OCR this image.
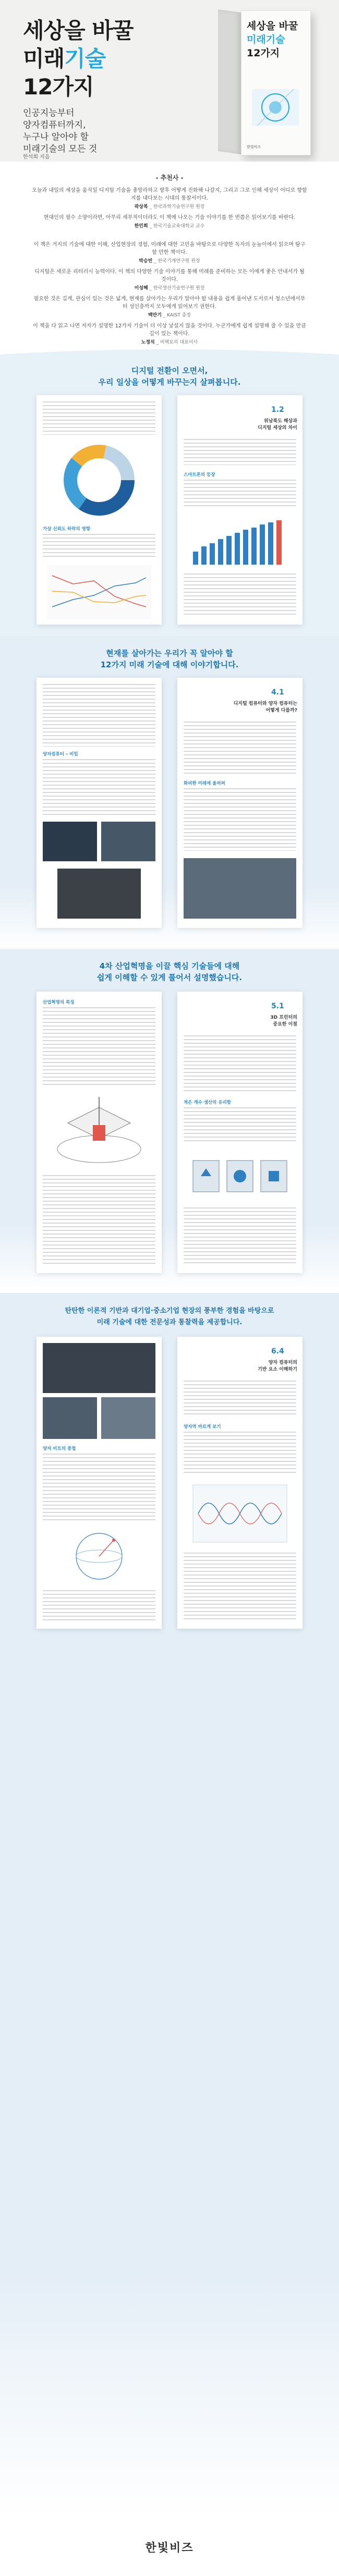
세상을 바꿀
미래기술
12가지
인공지능부터
양자컴퓨터까지,
누구나 알아야 할
미래기술의 모든 것
한석희 지음
세상을 바꿀
미래기술
12가지
한빛비즈
- 추천사 -
오늘과 내일의 세상을 움직일 디지털 기술을 총망라하고 향후 어떻게 진화해 나갈지, 그리고 그로 인해 세상이 어디로 향할지를 내다보는 시대의 통찰서이다.
곽상복 _ 한국과학기술연구원 원장
현대인의 필수 소양이라면, 아무리 세부적이더라도 이 책에 나오는 기술 이야기를 한 번쯤은 읽어보기를 바란다.
한민희 _ 한국기술교육대학교 교수
이 책은 거지의 기술에 대한 이해, 산업현장의 경험, 미래에 대한 고민을 바탕으로 다양한 독자의 눈높이에서 읽으며 탐구할 만한 책이다.
박승빈 _ 한국기계연구원 원장
디지털은 새로운 리터러시 능력이다. 이 책의 다양한 기술 이야기를 통해 미래를 준비하는 모든 이에게 좋은 안내서가 될 것이다.
이성혜 _ 한국생산기술연구원 원장
필요한 것은 길게, 관심이 있는 것은 넓게, 현재를 살아가는 우리가 알아야 할 내용을 쉽게 풀어낸 도서로서 청소년에서부터 성인층까지 모두에게 읽어보기 권한다.
백만기 _ KAIST 총장
이 책을 다 읽고 나면 저자가 설명한 12가지 기술이 더 이상 낯설지 않을 것이다. 누군가에게 쉽게 설명해 줄 수 있을 만큼 깊이 있는 책이다.
노정석 _ 비팩토리 대표이사
디지털 전환이 오면서,
우리 일상을 어떻게 바꾸는지 살펴봅니다.
가상 신뢰도 하락의 영향
1.2
위남북도 해상과
디지털 세상의 차이
스마트폰의 등장
현재를 살아가는 우리가 꼭 알아야 할
12가지 미래 기술에 대해 이야기합니다.
양자컴퓨터 – 비밀
4.1
디지털 컴퓨터와 양자 컴퓨터는
어떻게 다를까?
화려한 미래에 울려퍼
4차 산업혁명을 이끌 핵심 기술들에 대해
쉽게 이해할 수 있게 풀어서 설명했습니다.
산업혁명의 특징	5.1
3D 프린터의
중요한 이점
적은 개수 생산의 유리함
탄탄한 이론적 기반과 대기업·중소기업 현장의 풍부한 경험을 바탕으로
미래 기술에 대한 전문성과 통찰력을 제공합니다.
양자 비트의 중첩
6.4
양자 컴퓨터의
기반 요소 이해하기
양자역 바르게 보기
한빛비즈
